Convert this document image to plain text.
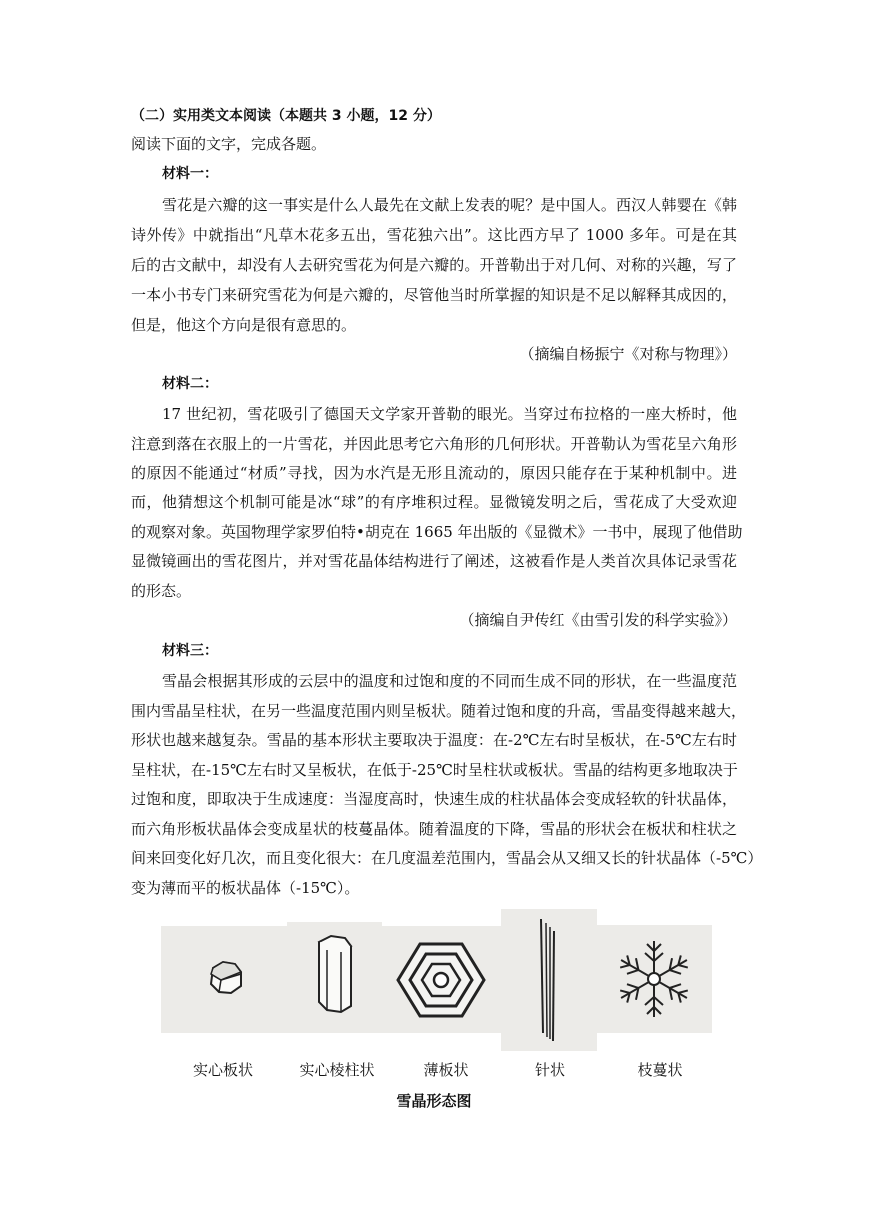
（二）实用类文本阅读（本题共 3 小题，12 分）
阅读下面的文字，完成各题。
材料一：
雪花是六瓣的这一事实是什么人最先在文献上发表的呢？是中国人。西汉人韩婴在《韩
诗外传》中就指出“凡草木花多五出，雪花独六出”。这比西方早了 1000 多年。可是在其
后的古文献中，却没有人去研究雪花为何是六瓣的。开普勒出于对几何、对称的兴趣，写了
一本小书专门来研究雪花为何是六瓣的，尽管他当时所掌握的知识是不足以解释其成因的，
但是，他这个方向是很有意思的。
（摘编自杨振宁《对称与物理》）
材料二：
17 世纪初，雪花吸引了德国天文学家开普勒的眼光。当穿过布拉格的一座大桥时，他
注意到落在衣服上的一片雪花，并因此思考它六角形的几何形状。开普勒认为雪花呈六角形
的原因不能通过“材质”寻找，因为水汽是无形且流动的，原因只能存在于某种机制中。进
而，他猜想这个机制可能是冰“球”的有序堆积过程。显微镜发明之后，雪花成了大受欢迎
的观察对象。英国物理学家罗伯特•胡克在 1665 年出版的《显微术》一书中，展现了他借助
显微镜画出的雪花图片，并对雪花晶体结构进行了阐述，这被看作是人类首次具体记录雪花
的形态。
（摘编自尹传红《由雪引发的科学实验》）
材料三：
雪晶会根据其形成的云层中的温度和过饱和度的不同而生成不同的形状，在一些温度范
围内雪晶呈柱状，在另一些温度范围内则呈板状。随着过饱和度的升高，雪晶变得越来越大，
形状也越来越复杂。雪晶的基本形状主要取决于温度：在-2℃左右时呈板状，在-5℃左右时
呈柱状，在-15℃左右时又呈板状，在低于-25℃时呈柱状或板状。雪晶的结构更多地取决于
过饱和度，即取决于生成速度：当湿度高时，快速生成的柱状晶体会变成轻软的针状晶体，
而六角形板状晶体会变成星状的枝蔓晶体。随着温度的下降，雪晶的形状会在板状和柱状之
间来回变化好几次，而且变化很大：在几度温差范围内，雪晶会从又细又长的针状晶体（-5℃）
变为薄而平的板状晶体（-15℃）。
实心板状	实心棱柱状	薄板状	针状	枝蔓状
雪晶形态图
